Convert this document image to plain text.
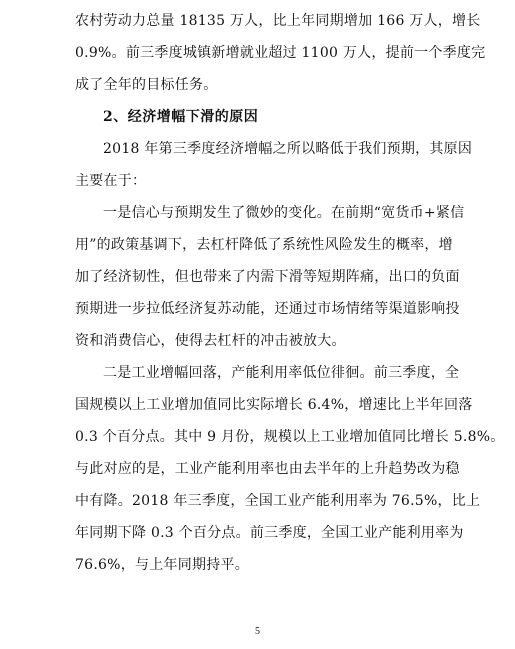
农村劳动力总量 18135 万人，比上年同期增加 166 万人，增长
0.9%。前三季度城镇新增就业超过 1100 万人，提前一个季度完
成了全年的目标任务。
2、经济增幅下滑的原因
2018 年第三季度经济增幅之所以略低于我们预期，其原因
主要在于：
一是信心与预期发生了微妙的变化。在前期“宽货币+紧信
用”的政策基调下，去杠杆降低了系统性风险发生的概率，增
加了经济韧性，但也带来了内需下滑等短期阵痛，出口的负面
预期进一步拉低经济复苏动能，还通过市场情绪等渠道影响投
资和消费信心，使得去杠杆的冲击被放大。
二是工业增幅回落，产能利用率低位徘徊。前三季度，全
国规模以上工业增加值同比实际增长 6.4%，增速比上半年回落
0.3 个百分点。其中 9 月份，规模以上工业增加值同比增长 5.8%。
与此对应的是，工业产能利用率也由去半年的上升趋势改为稳
中有降。2018 年三季度，全国工业产能利用率为 76.5%，比上
年同期下降 0.3 个百分点。前三季度，全国工业产能利用率为
76.6%，与上年同期持平。
5
